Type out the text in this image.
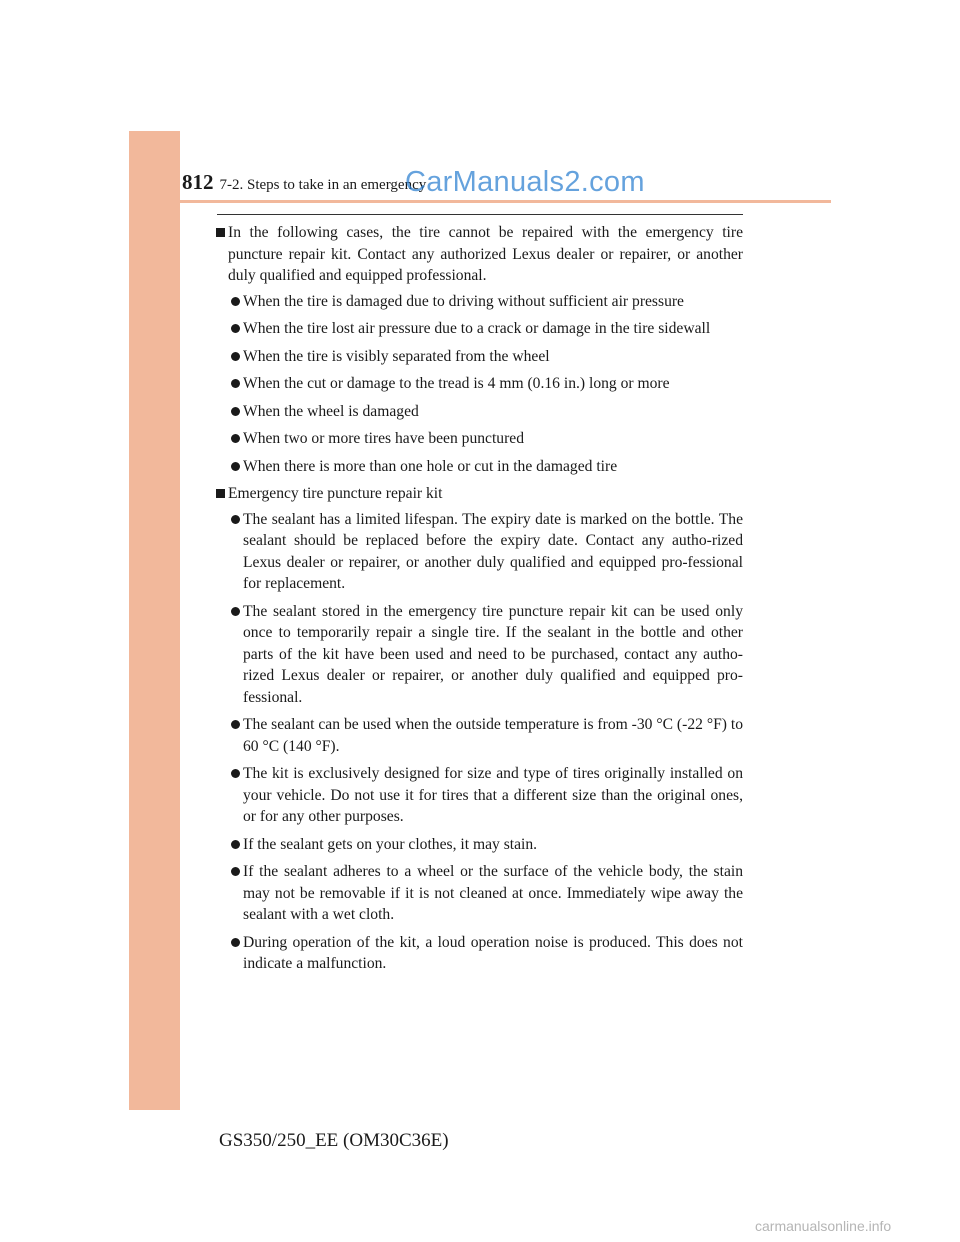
812 7-2. Steps to take in an emergency
CarManuals2.com
In the following cases, the tire cannot be repaired with the emergency tire puncture repair kit. Contact any authorized Lexus dealer or repairer, or another duly qualified and equipped professional.
When the tire is damaged due to driving without sufficient air pressure
When the tire lost air pressure due to a crack or damage in the tire sidewall
When the tire is visibly separated from the wheel
When the cut or damage to the tread is 4 mm (0.16 in.) long or more
When the wheel is damaged
When two or more tires have been punctured
When there is more than one hole or cut in the damaged tire
Emergency tire puncture repair kit
The sealant has a limited lifespan. The expiry date is marked on the bottle. The sealant should be replaced before the expiry date. Contact any autho-rized Lexus dealer or repairer, or another duly qualified and equipped pro-fessional for replacement.
The sealant stored in the emergency tire puncture repair kit can be used only once to temporarily repair a single tire. If the sealant in the bottle and other parts of the kit have been used and need to be purchased, contact any autho-rized Lexus dealer or repairer, or another duly qualified and equipped pro-fessional.
The sealant can be used when the outside temperature is from -30 °C (-22 °F) to 60 °C (140 °F).
The kit is exclusively designed for size and type of tires originally installed on your vehicle. Do not use it for tires that a different size than the original ones, or for any other purposes.
If the sealant gets on your clothes, it may stain.
If the sealant adheres to a wheel or the surface of the vehicle body, the stain may not be removable if it is not cleaned at once. Immediately wipe away the sealant with a wet cloth.
During operation of the kit, a loud operation noise is produced. This does not indicate a malfunction.
GS350/250_EE (OM30C36E)
carmanualsonline.info
